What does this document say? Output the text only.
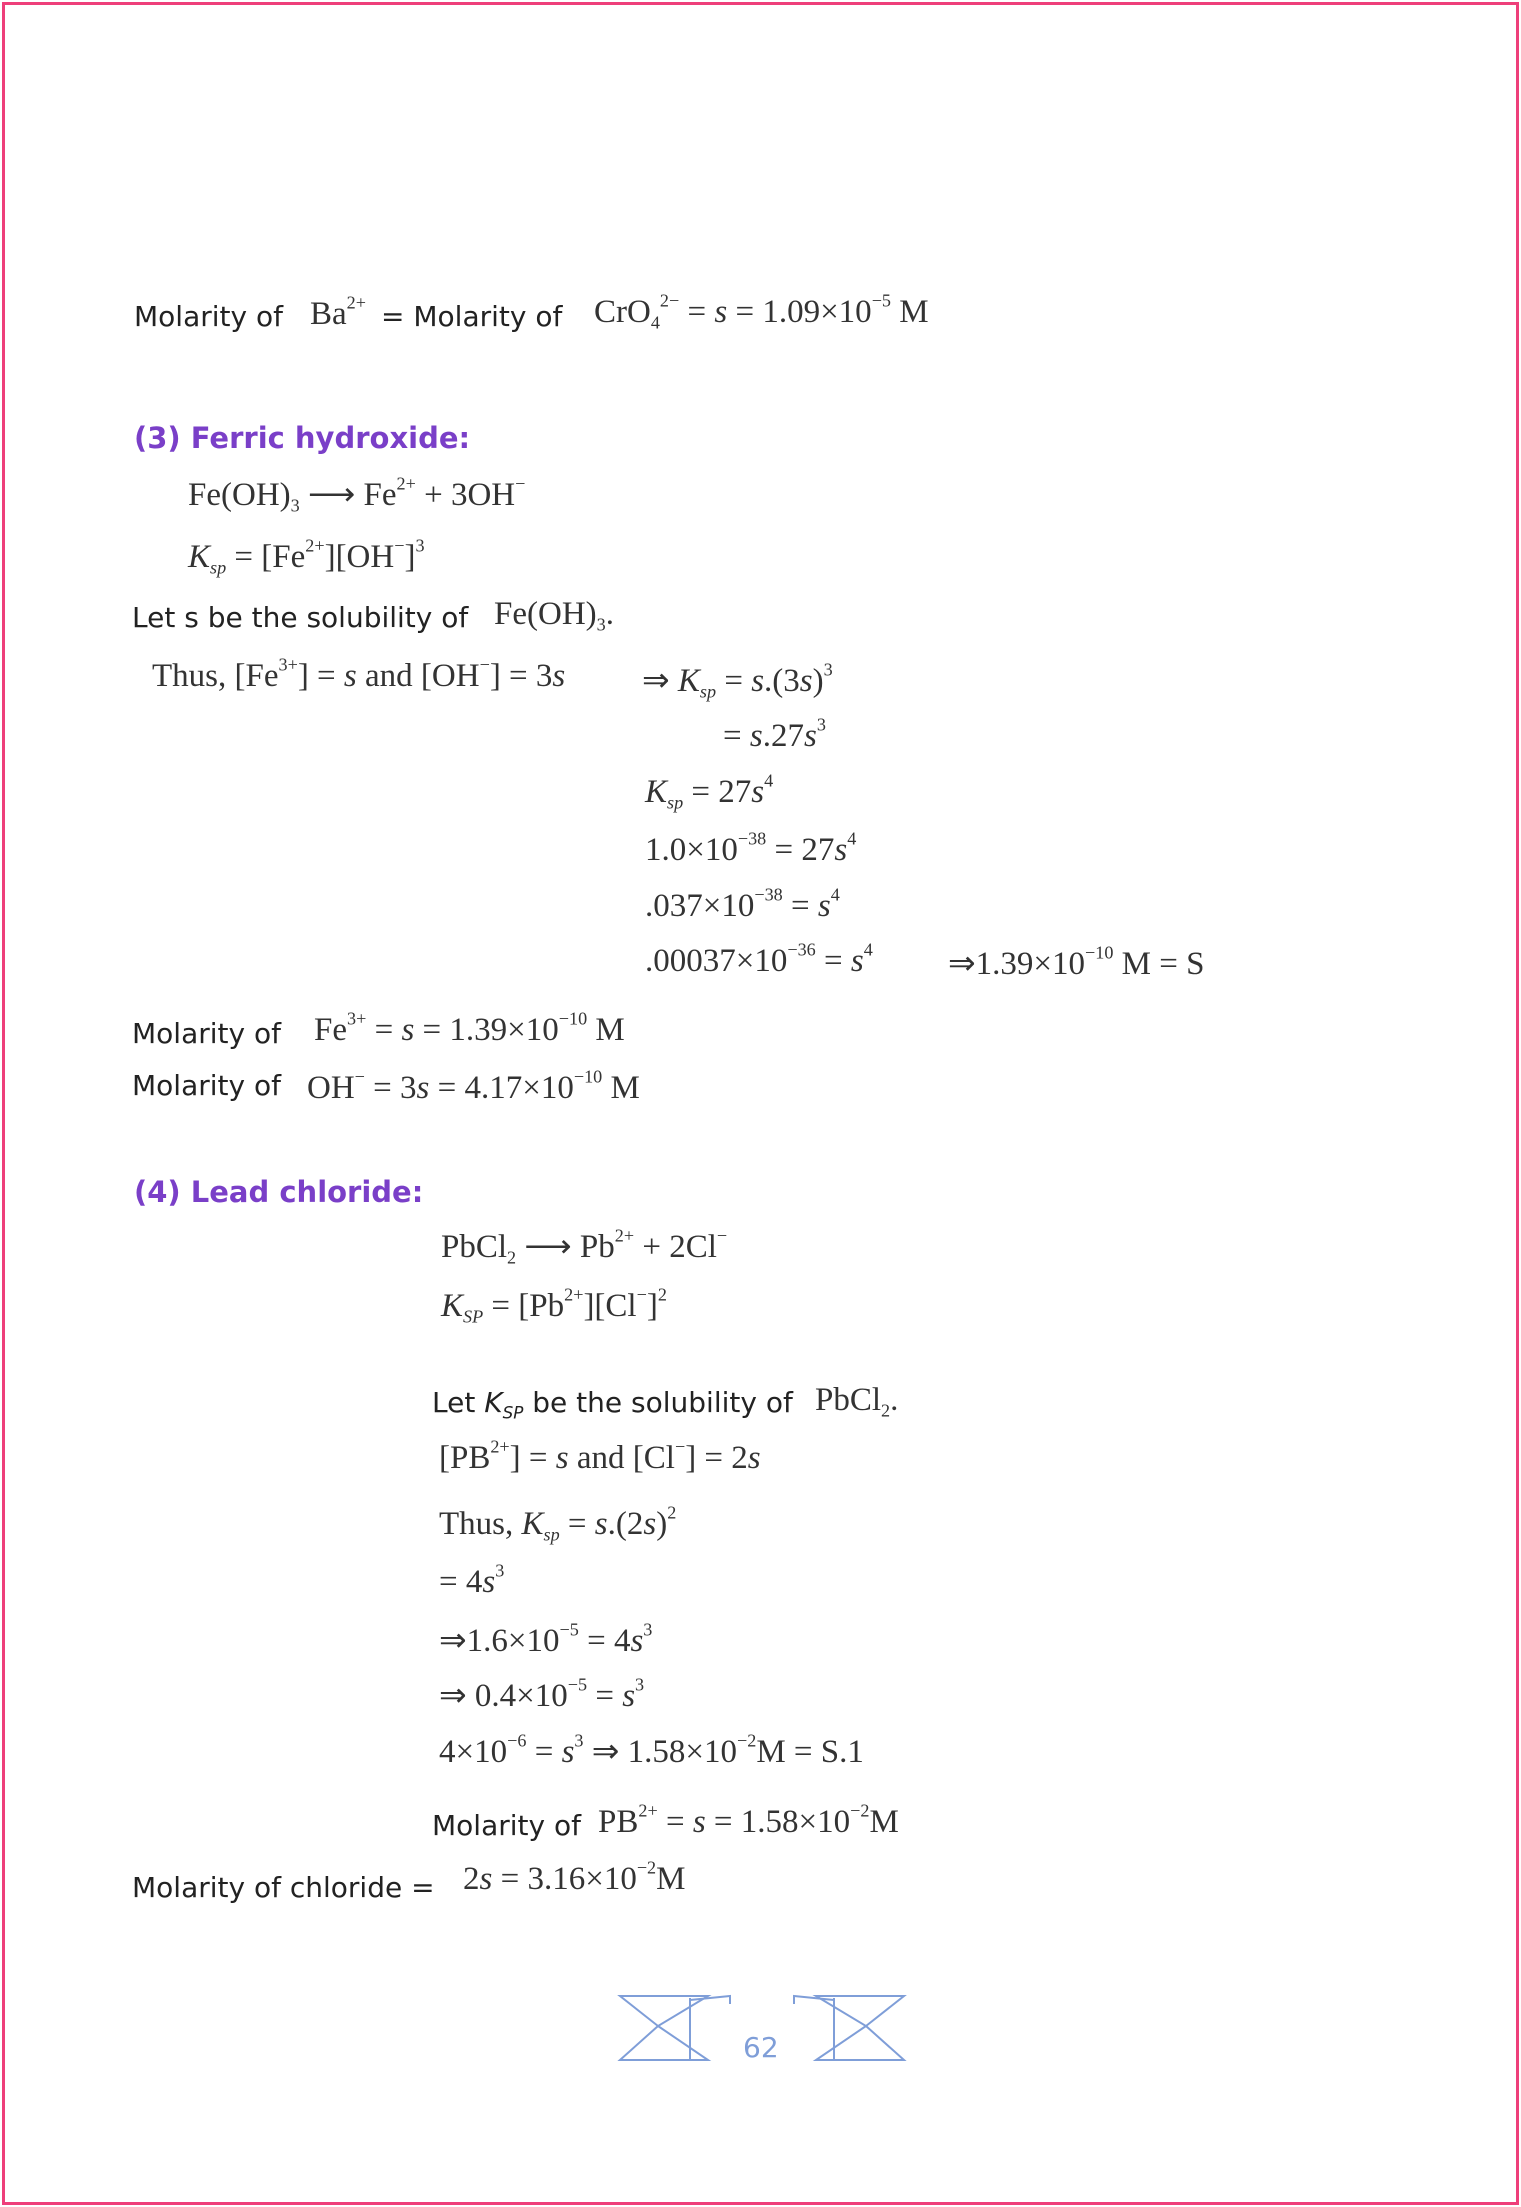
Molarity of $Ba^{2+}$ = Molarity of $CrO_4^{2-} = s = 1.09\times 10^{-5}$ M
(3) Ferric hydroxide:
$Fe(OH)_3$ ⟶ $Fe^{2+} + 3OH^-$
$K_{sp} = [Fe^{2+}][OH^-]^3$
Let s be the solubility of $Fe(OH)_3$.
Thus, $[Fe^{3+}] = s$ and [OH−] = 3s ⇒ $K_{sp} = s.(3s)^3$
= $s.27s^3$
$K_{sp} = 27s^4$
$1.0\times 10^{-38} = 27s^4$
$.037\times 10^{-38} = s^4$
$.00037\times 10^{-36} = s^4$ $\Rightarrow 1.39\times 10^{-10}$ M = S
Molarity of $Fe^{3+} = s = 1.39\times 10^{-10}$ M
Molarity of $OH^- = 3s = 4.17\times 10^{-10}$ M
(4) Lead chloride:
PbCl$_2$ ⟶ $Pb^{2+} + 2Cl^-$
$K_{SP} = [Pb^{2+}][Cl^-]^2$
Let $K_{SP}$ be the solubility of PbCl$_2$.
$[PB^{2+}] = s$ and [Cl−] = 2s
Thus, $K_{sp} = s.(2s)^2$
= $4s^3$
$\Rightarrow 1.6\times 10^{-5} = 4s^3$
⇒ $0.4\times 10^{-5} = s^3$
$4\times 10^{-6} = s^3$ ⇒ $1.58\times 10^{-2}M = S.1$
Molarity of $PB^{2+} = s = 1.58\times 10^{-2}M$
Molarity of chloride = $2s = 3.16\times 10^{-2}M$
62
